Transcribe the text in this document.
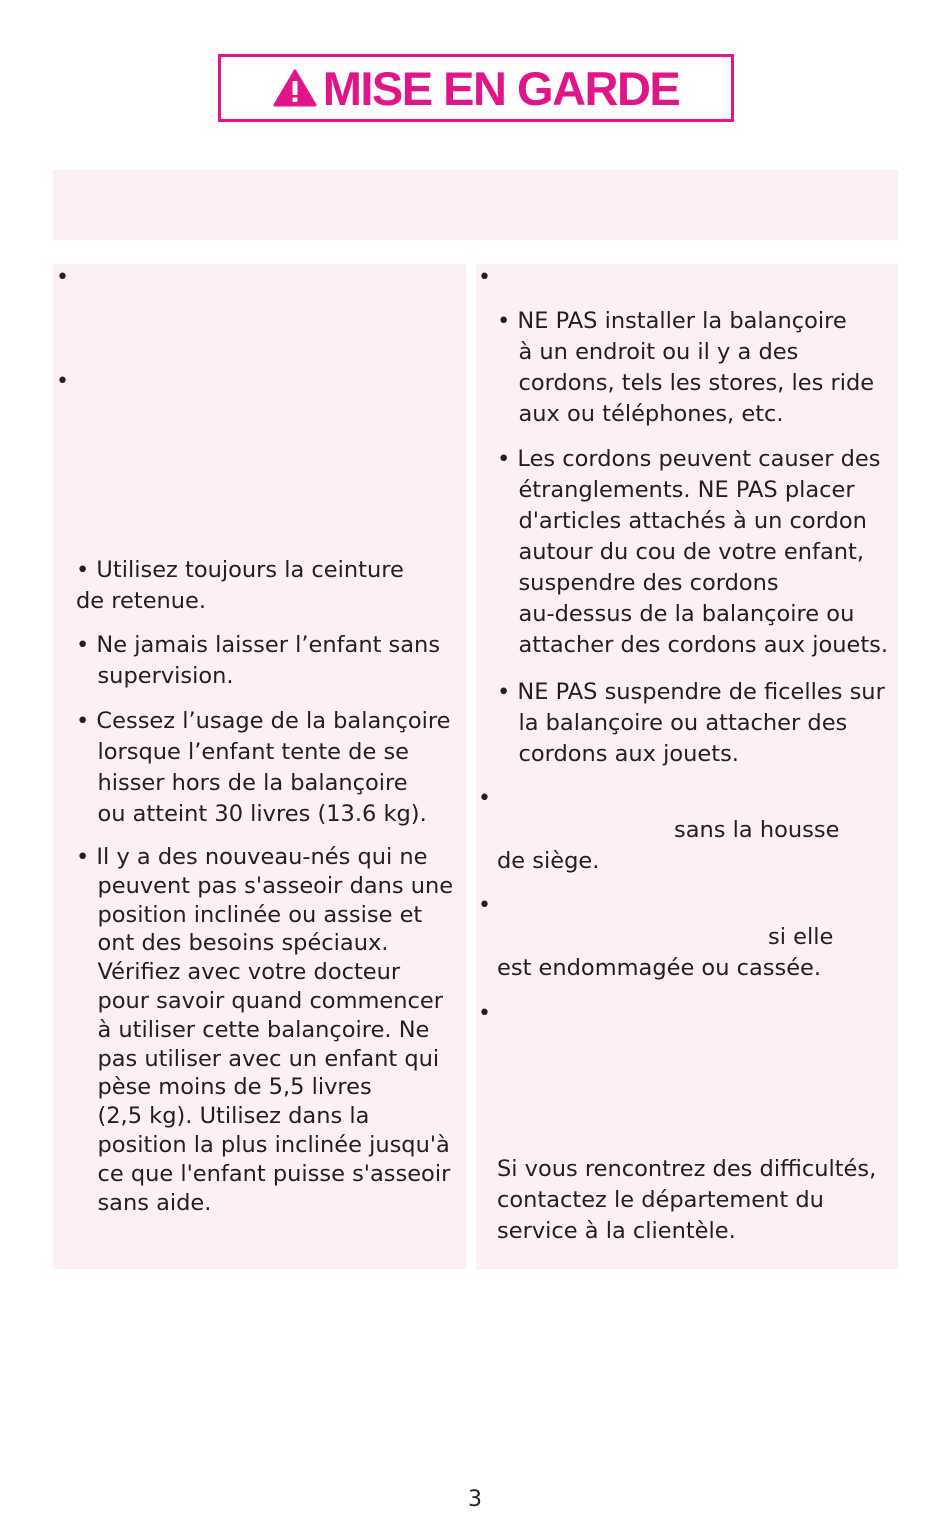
MISE EN GARDE
•
•

• Utilisez toujours la ceinture
de retenue.

• Ne jamais laisser l’enfant sans
supervision.

• Cessez l’usage de la balançoire
lorsque l’enfant tente de se
hisser hors de la balançoire
ou atteint 30 livres (13.6 kg).

• Il y a des nouveau-nés qui ne
peuvent pas s'asseoir dans une
position inclinée ou assise et
ont des besoins spéciaux.
Vérifiez avec votre docteur
pour savoir quand commencer
à utiliser cette balançoire. Ne
pas utiliser avec un enfant qui
pèse moins de 5,5 livres
(2,5 kg). Utilisez dans la
position la plus inclinée jusqu'à
ce que l'enfant puisse s'asseoir
sans aide.

•

• NE PAS installer la balançoire
à un endroit ou il y a des
cordons, tels les stores, les ride
aux ou téléphones, etc.

• Les cordons peuvent causer des
étranglements. NE PAS placer
d'articles attachés à un cordon
autour du cou de votre enfant,
suspendre des cordons
au-dessus de la balançoire ou
attacher des cordons aux jouets.

• NE PAS suspendre de ficelles sur
la balançoire ou attacher des
cordons aux jouets.

•

sans la housse

de siège.

•

si elle

est endommagée ou cassée.

•

Si vous rencontrez des difficultés,
contactez le département du
service à la clientèle.

3
